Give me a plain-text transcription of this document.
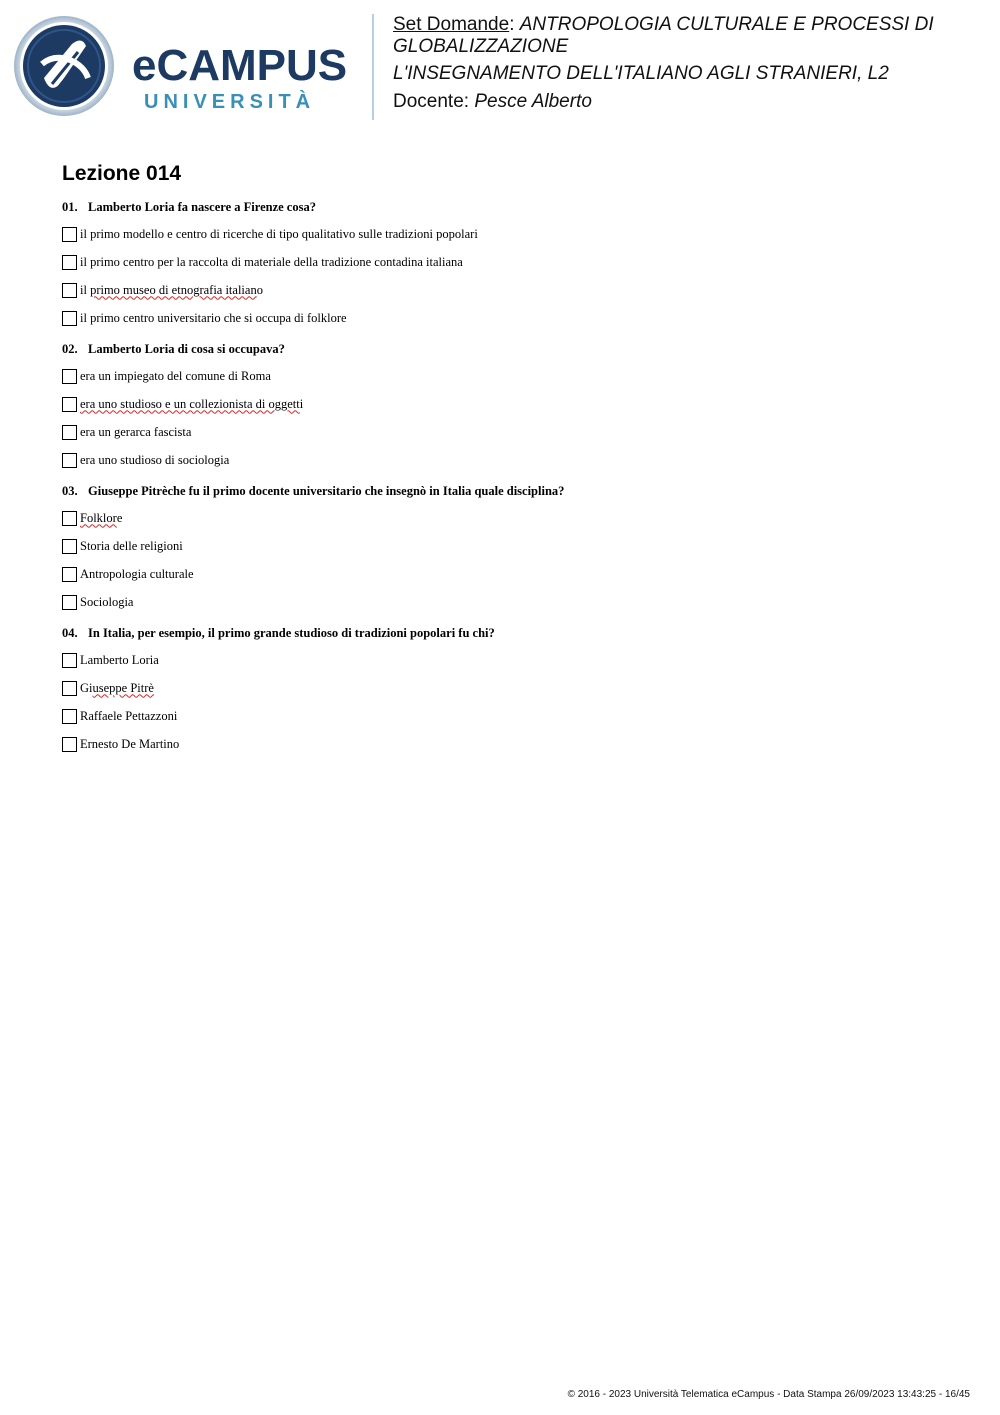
eCAMPUS
UNIVERSITÀ
Set Domande: ANTROPOLOGIA CULTURALE E PROCESSI DI
GLOBALIZZAZIONE
L'INSEGNAMENTO DELL'ITALIANO AGLI STRANIERI, L2
Docente: Pesce Alberto
Lezione 014
01. Lamberto Loria fa nascere a Firenze cosa?
il primo modello e centro di ricerche di tipo qualitativo sulle tradizioni popolari
il primo centro per la raccolta di materiale della tradizione contadina italiana
il primo museo di etnografia italiano
il primo centro universitario che si occupa di folklore
02. Lamberto Loria di cosa si occupava?
era un impiegato del comune di Roma
era uno studioso e un collezionista di oggetti
era un gerarca fascista
era uno studioso di sociologia
03. Giuseppe Pitrèche fu il primo docente universitario che insegnò in Italia quale disciplina?
Folklore
Storia delle religioni
Antropologia culturale
Sociologia
04. In Italia, per esempio, il primo grande studioso di tradizioni popolari fu chi?
Lamberto Loria
Giuseppe Pitrè
Raffaele Pettazzoni
Ernesto De Martino
© 2016 - 2023 Università Telematica eCampus - Data Stampa 26/09/2023 13:43:25 - 16/45
